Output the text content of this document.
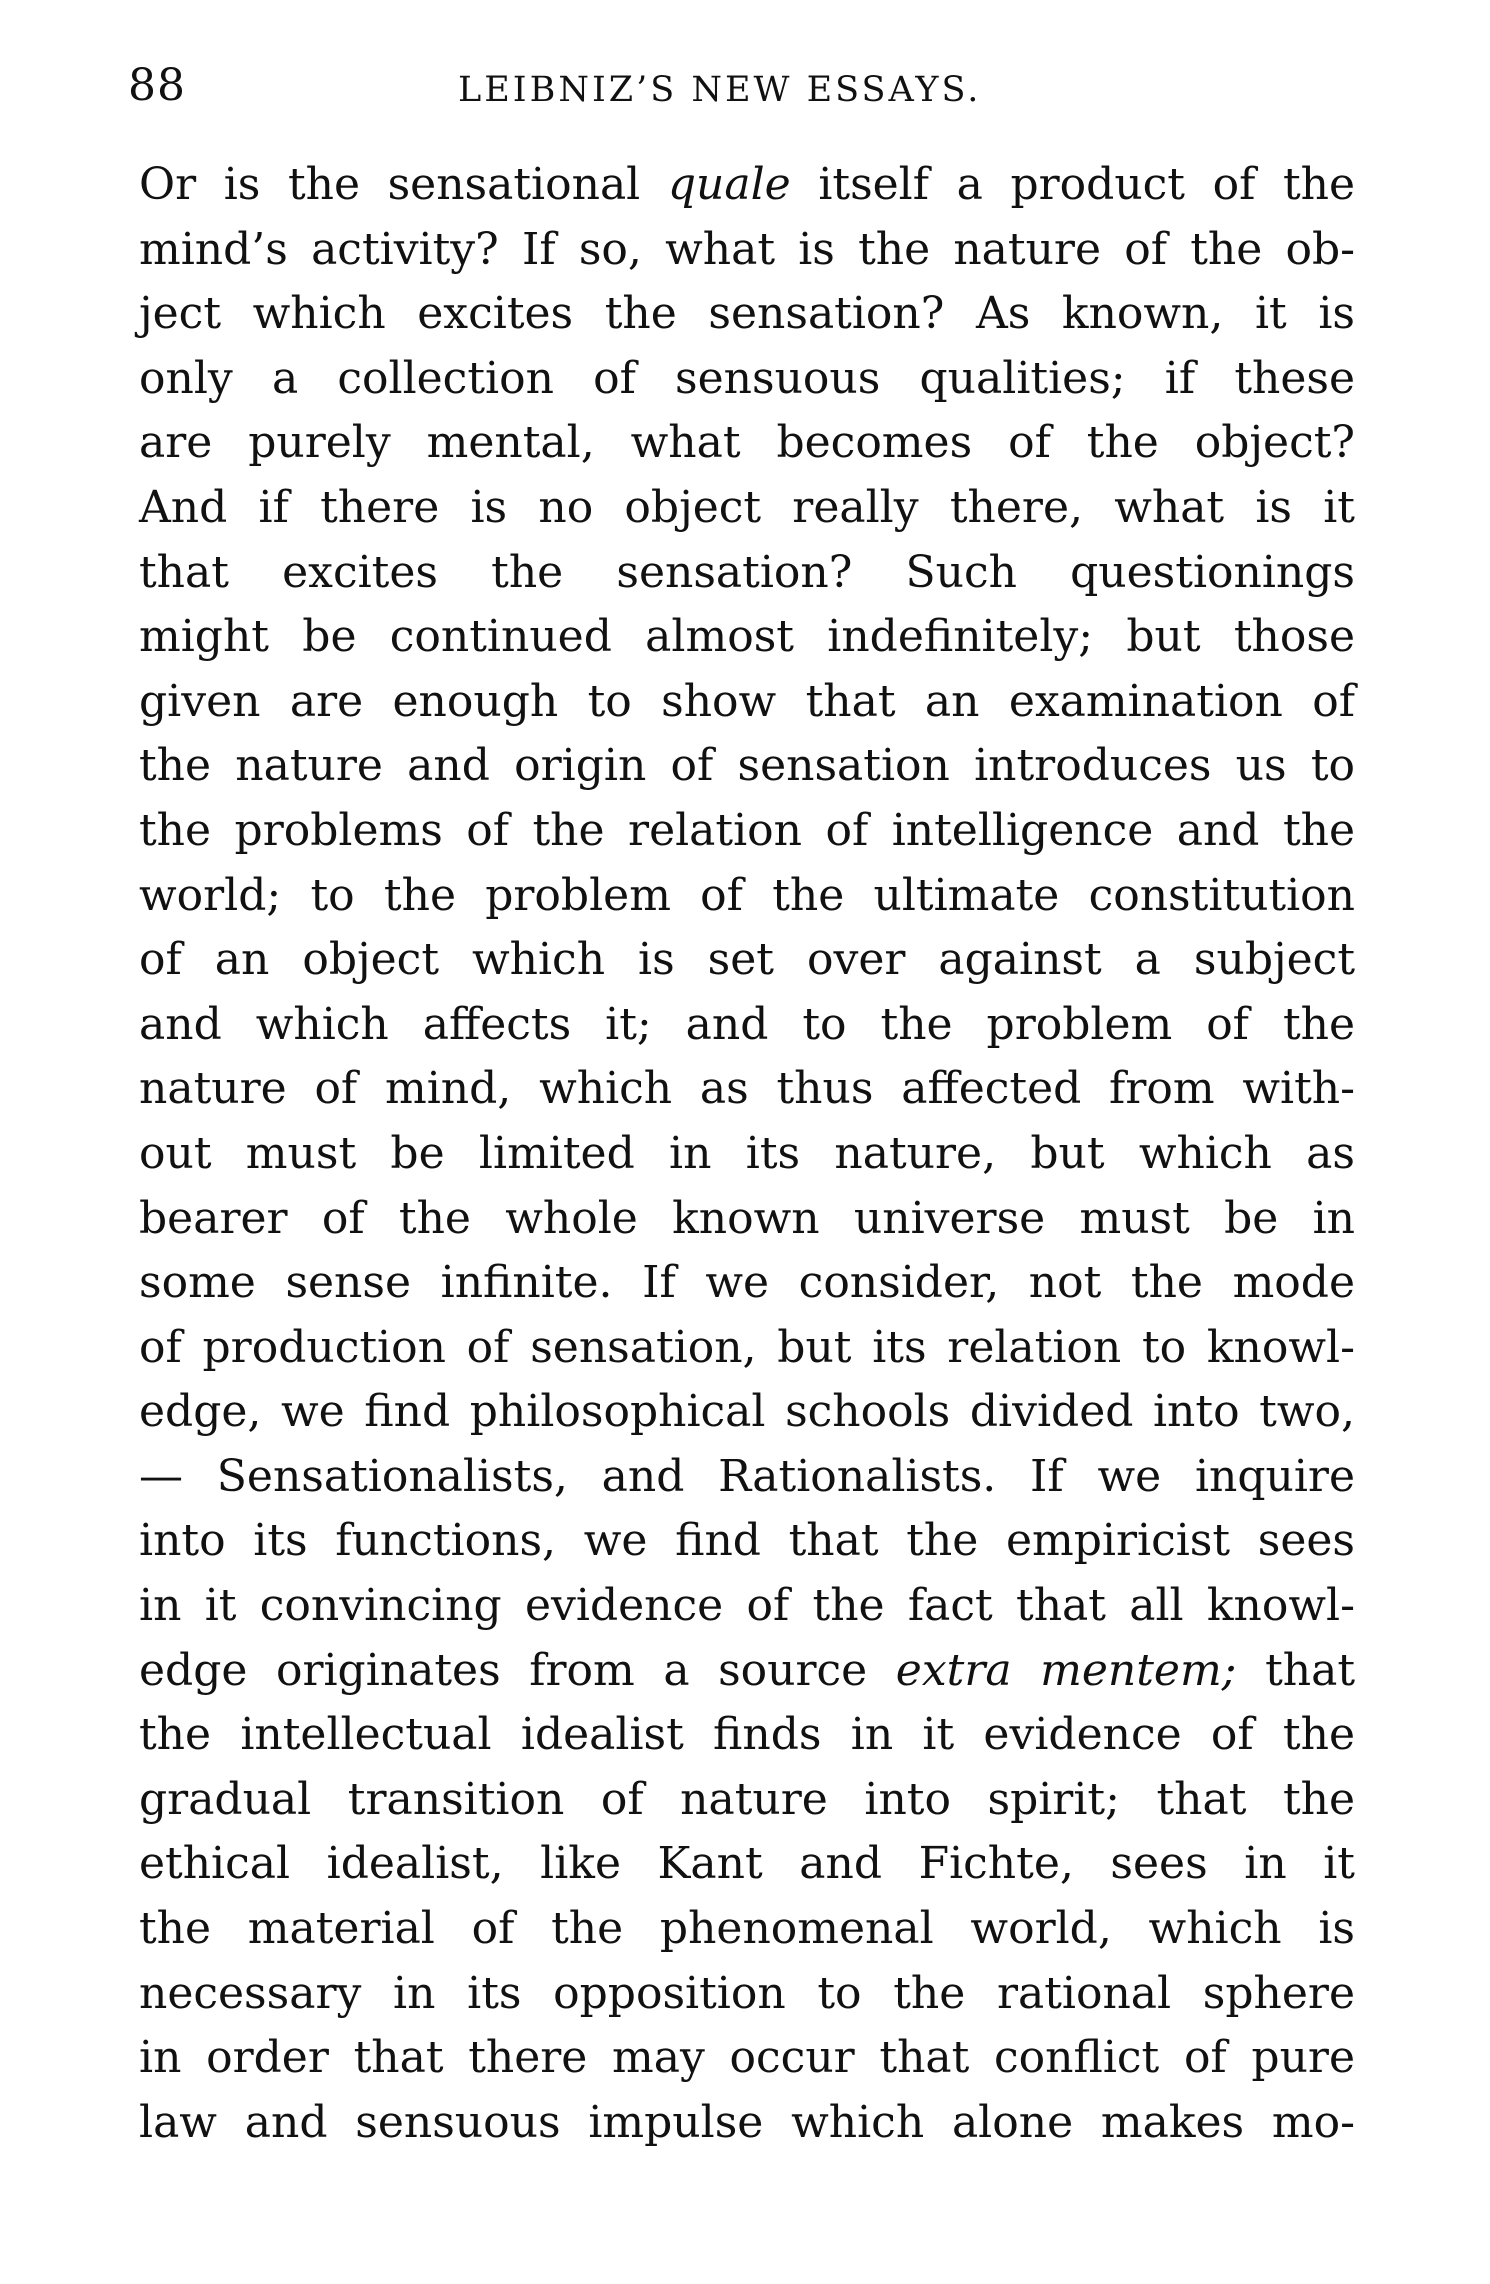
88	LEIBNIZ’S NEW ESSAYS.
Or is the sensational quale itself a product of the
mind’s activity? If so, what is the nature of the ob-
ject which excites the sensation? As known, it is
only a collection of sensuous qualities; if these
are purely mental, what becomes of the object?
And if there is no object really there, what is it
that excites the sensation? Such questionings
might be continued almost indefinitely; but those
given are enough to show that an examination of
the nature and origin of sensation introduces us to
the problems of the relation of intelligence and the
world; to the problem of the ultimate constitution
of an object which is set over against a subject
and which affects it; and to the problem of the
nature of mind, which as thus affected from with-
out must be limited in its nature, but which as
bearer of the whole known universe must be in
some sense infinite. If we consider, not the mode
of production of sensation, but its relation to knowl-
edge, we find philosophical schools divided into two,
— Sensationalists, and Rationalists. If we inquire
into its functions, we find that the empiricist sees
in it convincing evidence of the fact that all knowl-
edge originates from a source extra mentem; that
the intellectual idealist finds in it evidence of the
gradual transition of nature into spirit; that the
ethical idealist, like Kant and Fichte, sees in it
the material of the phenomenal world, which is
necessary in its opposition to the rational sphere
in order that there may occur that conflict of pure
law and sensuous impulse which alone makes mo-
